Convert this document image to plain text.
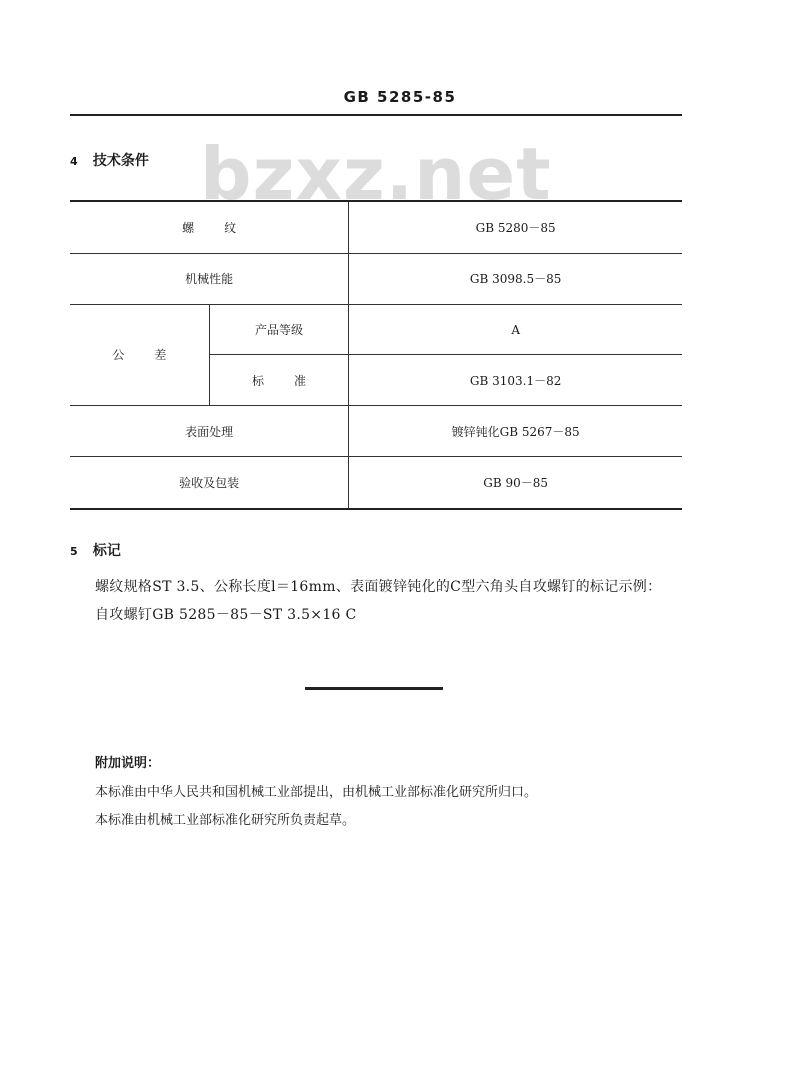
GB 5285-85
bzxz.net
4 技术条件
螺纹		GB 5280－85
机械性能		GB 3098.5－85
公差	产品等级	A
	标准	GB 3103.1－82
表面处理		镀锌钝化GB 5267－85
验收及包装		GB 90－85
5 标记
螺纹规格ST 3.5、公称长度l＝16mm、表面镀锌钝化的C型六角头自攻螺钉的标记示例：
自攻螺钉GB 5285－85－ST 3.5×16 C
附加说明：
本标准由中华人民共和国机械工业部提出，由机械工业部标准化研究所归口。
本标准由机械工业部标准化研究所负责起草。
